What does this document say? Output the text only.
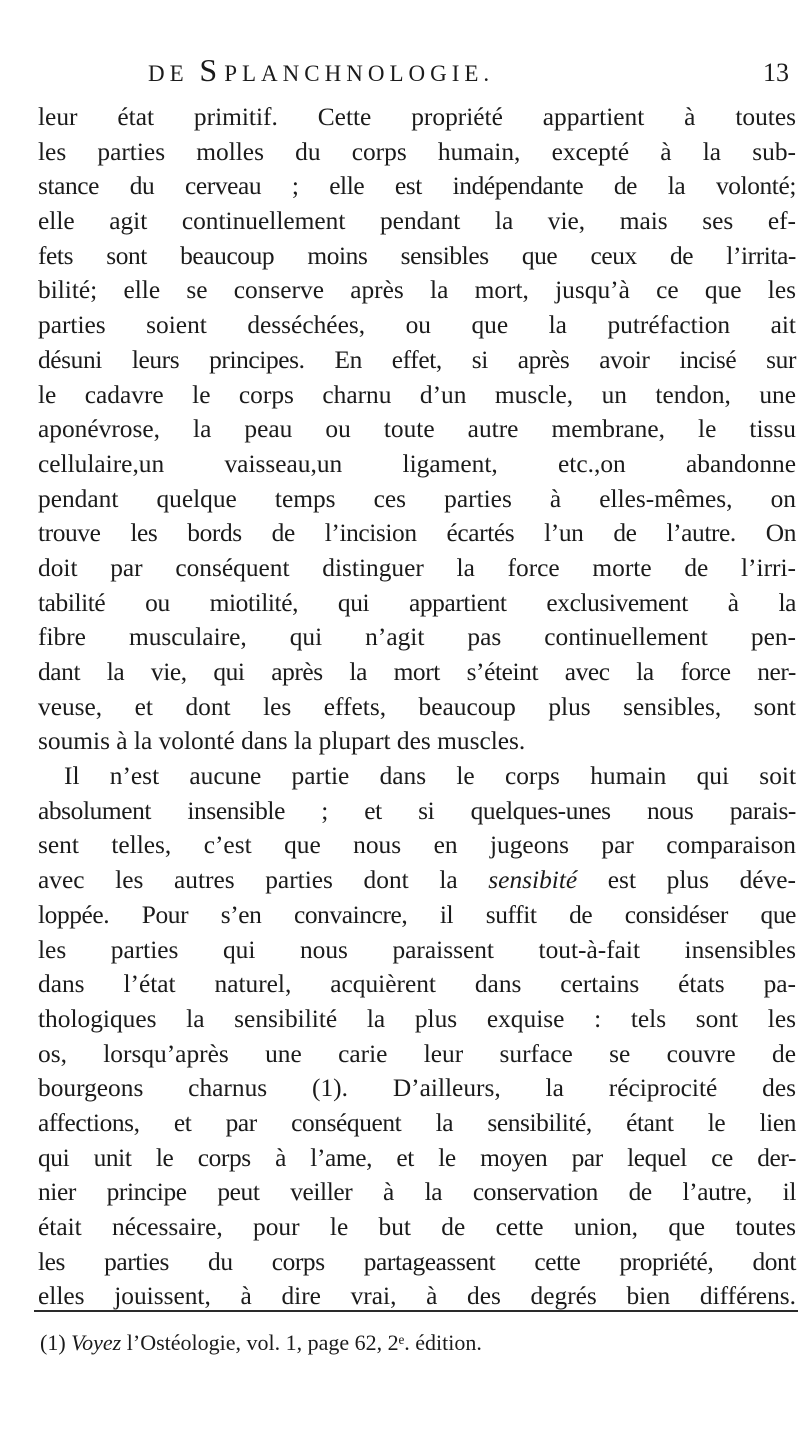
DE SPLANCHNOLOGIE.	13
leur état primitif. Cette propriété appartient à toutes
les parties molles du corps humain, excepté à la sub-
stance du cerveau ; elle est indépendante de la volonté;
elle agit continuellement pendant la vie, mais ses ef-
fets sont beaucoup moins sensibles que ceux de l’irrita-
bilité; elle se conserve après la mort, jusqu’à ce que les
parties soient desséchées, ou que la putréfaction ait
désuni leurs principes. En effet, si après avoir incisé sur
le cadavre le corps charnu d’un muscle, un tendon, une
aponévrose, la peau ou toute autre membrane, le tissu
cellulaire,un vaisseau,un ligament, etc.,on abandonne
pendant quelque temps ces parties à elles-mêmes, on
trouve les bords de l’incision écartés l’un de l’autre. On
doit par conséquent distinguer la force morte de l’irri-
tabilité ou miotilité, qui appartient exclusivement à la
fibre musculaire, qui n’agit pas continuellement pen-
dant la vie, qui après la mort s’éteint avec la force ner-
veuse, et dont les effets, beaucoup plus sensibles, sont
soumis à la volonté dans la plupart des muscles.
Il n’est aucune partie dans le corps humain qui soit
absolument insensible ; et si quelques-unes nous parais-
sent telles, c’est que nous en jugeons par comparaison
avec les autres parties dont la sensibité est plus déve-
loppée. Pour s’en convaincre, il suffit de considéser que
les parties qui nous paraissent tout-à-fait insensibles
dans l’état naturel, acquièrent dans certains états pa-
thologiques la sensibilité la plus exquise : tels sont les
os, lorsqu’après une carie leur surface se couvre de
bourgeons charnus (1). D’ailleurs, la réciprocité des
affections, et par conséquent la sensibilité, étant le lien
qui unit le corps à l’ame, et le moyen par lequel ce der-
nier principe peut veiller à la conservation de l’autre, il
était nécessaire, pour le but de cette union, que toutes
les parties du corps partageassent cette propriété, dont
elles jouissent, à dire vrai, à des degrés bien différens.
(1) Voyez l’Ostéologie, vol. 1, page 62, 2ᵉ. édition.
